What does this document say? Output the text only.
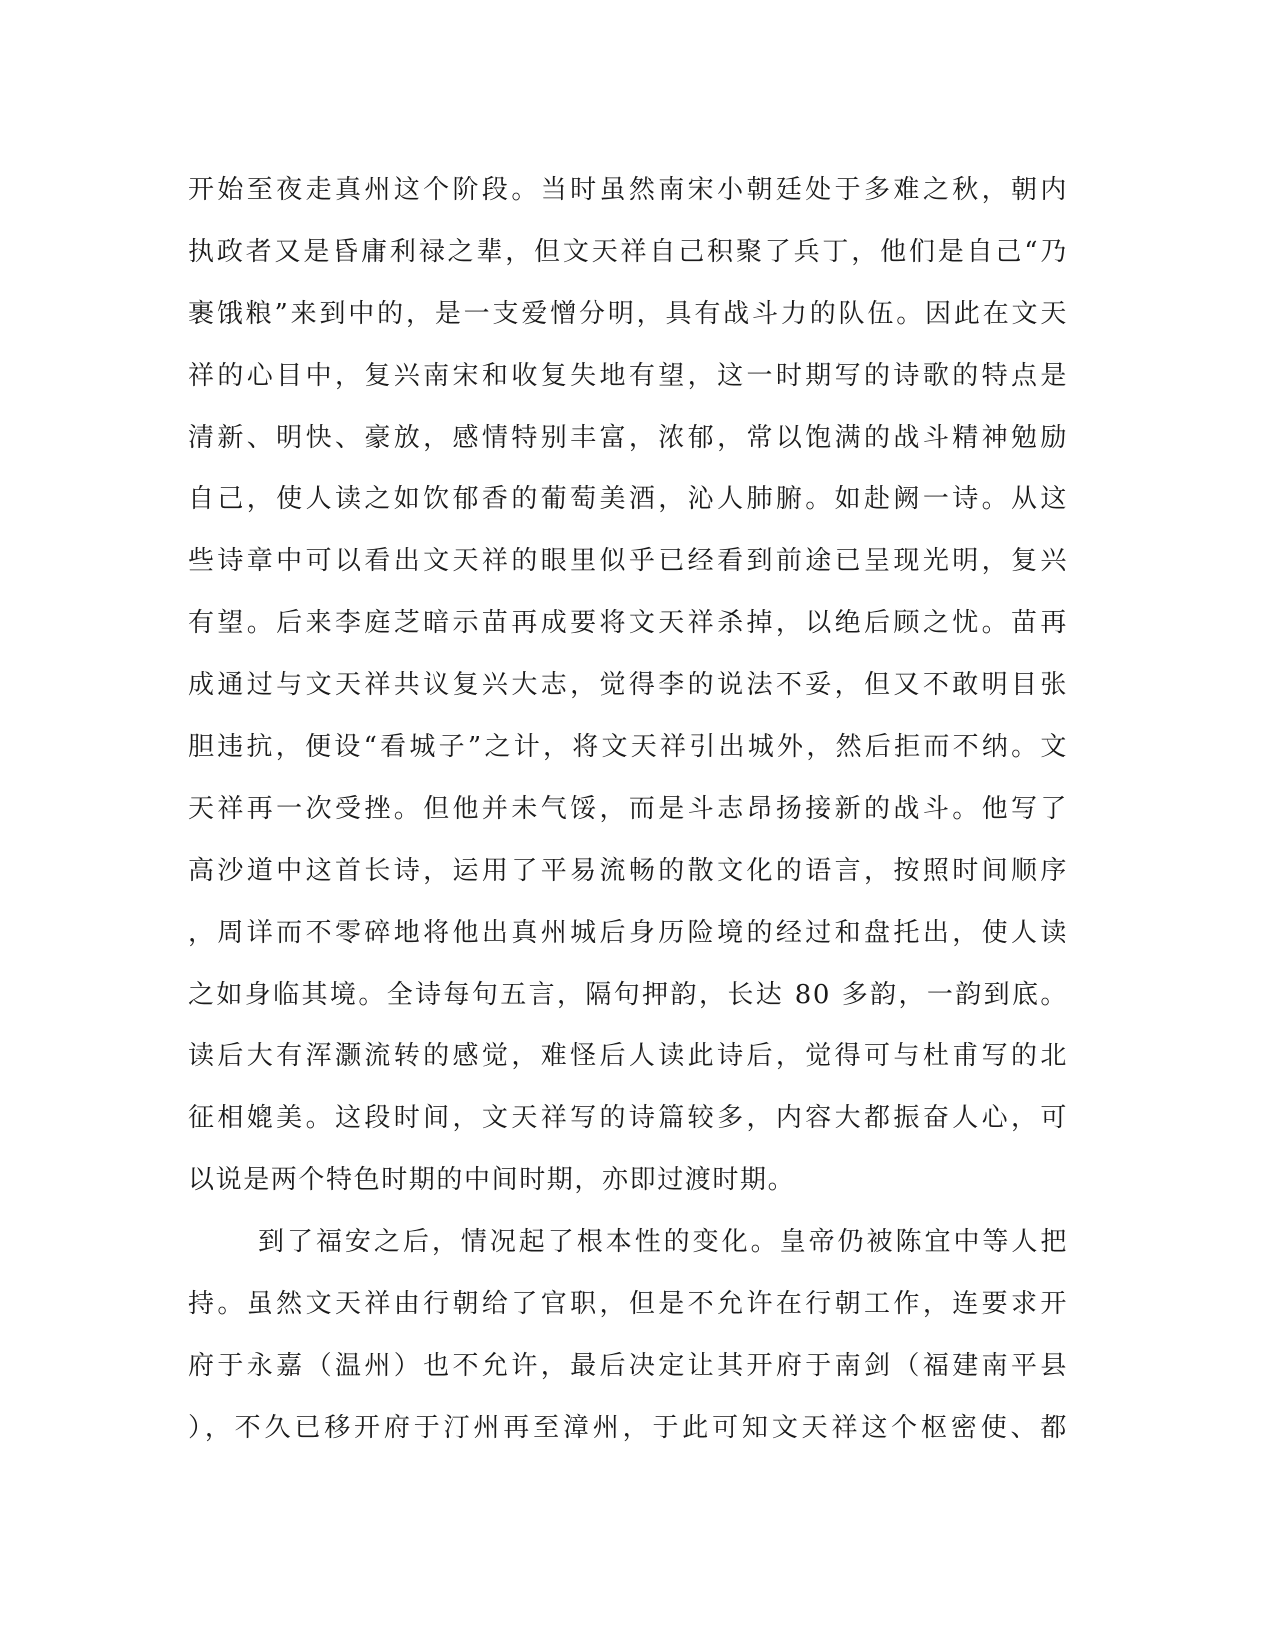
开始至夜走真州这个阶段。当时虽然南宋小朝廷处于多难之秋，朝内
执政者又是昏庸利禄之辈，但文天祥自己积聚了兵丁，他们是自己“乃
裹饿粮”来到中的，是一支爱憎分明，具有战斗力的队伍。因此在文天
祥的心目中，复兴南宋和收复失地有望，这一时期写的诗歌的特点是
清新、明快、豪放，感情特别丰富，浓郁，常以饱满的战斗精神勉励
自己，使人读之如饮郁香的葡萄美酒，沁人肺腑。如赴阙一诗。从这
些诗章中可以看出文天祥的眼里似乎已经看到前途已呈现光明，复兴
有望。后来李庭芝暗示苗再成要将文天祥杀掉，以绝后顾之忧。苗再
成通过与文天祥共议复兴大志，觉得李的说法不妥，但又不敢明目张
胆违抗，便设“看城子”之计，将文天祥引出城外，然后拒而不纳。文
天祥再一次受挫。但他并未气馁，而是斗志昂扬接新的战斗。他写了
高沙道中这首长诗，运用了平易流畅的散文化的语言，按照时间顺序
，周详而不零碎地将他出真州城后身历险境的经过和盘托出，使人读
之如身临其境。全诗每句五言，隔句押韵，长达 80 多韵，一韵到底。
读后大有浑灏流转的感觉，难怪后人读此诗后，觉得可与杜甫写的北
征相媲美。这段时间，文天祥写的诗篇较多，内容大都振奋人心，可
以说是两个特色时期的中间时期，亦即过渡时期。
到了福安之后，情况起了根本性的变化。皇帝仍被陈宜中等人把
持。虽然文天祥由行朝给了官职，但是不允许在行朝工作，连要求开
府于永嘉（温州）也不允许，最后决定让其开府于南剑（福建南平县
），不久已移开府于汀州再至漳州，于此可知文天祥这个枢密使、都
